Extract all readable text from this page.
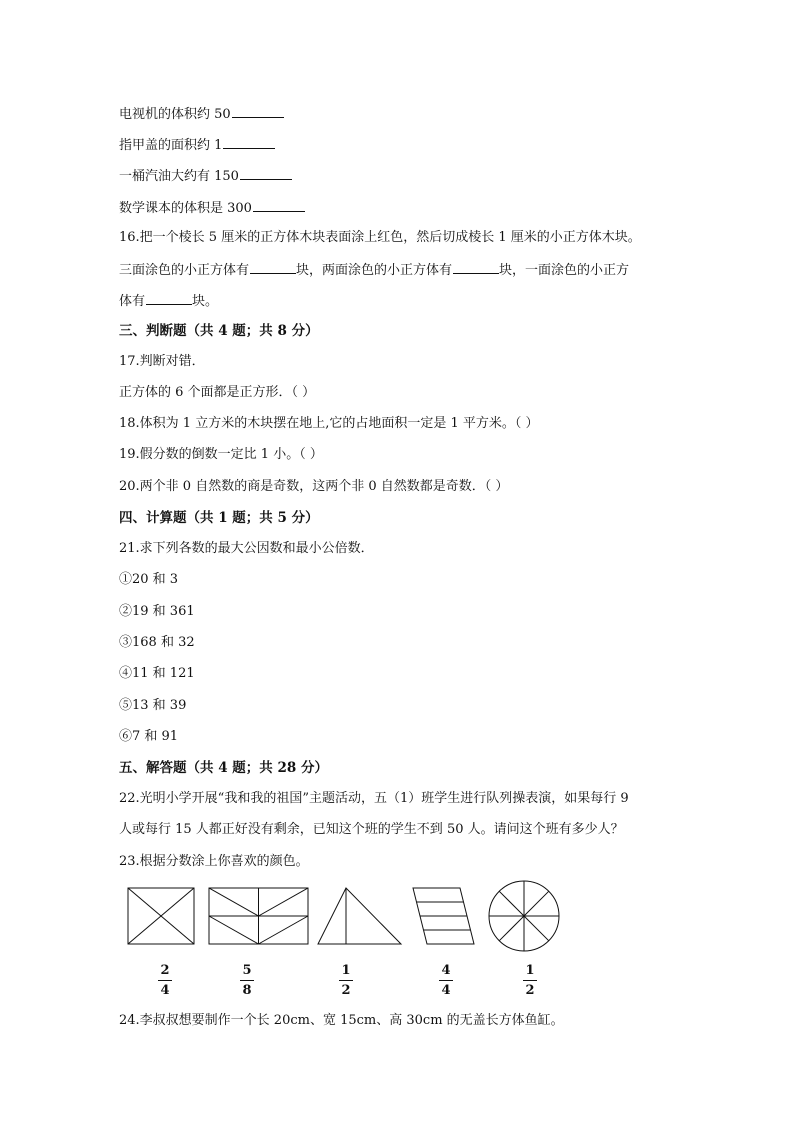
电视机的体积约 50
指甲盖的面积约 1
一桶汽油大约有 150
数学课本的体积是 300
16.把一个棱长 5 厘米的正方体木块表面涂上红色，然后切成棱长 1 厘米的小正方体木块。
三面涂色的小正方体有	块，两面涂色的小正方体有	块，一面涂色的小正方
体有	块。
三、判断题（共 4 题；共 8 分）
17.判断对错．
正方体的 6 个面都是正方形．（ ）
18.体积为 1 立方米的木块摆在地上,它的占地面积一定是 1 平方米。（ ）
19.假分数的倒数一定比 1 小。（ ）
20.两个非 0 自然数的商是奇数，这两个非 0 自然数都是奇数．（ ）
四、计算题（共 1 题；共 5 分）
21.求下列各数的最大公因数和最小公倍数．
①20 和 3
②19 和 361
③168 和 32
④11 和 121
⑤13 和 39
⑥7 和 91
五、解答题（共 4 题；共 28 分）
22.光明小学开展“我和我的祖国”主题活动，五（1）班学生进行队列操表演，如果每行 9
人或每行 15 人都正好没有剩余，已知这个班的学生不到 50 人。请问这个班有多少人？
23.根据分数涂上你喜欢的颜色。
2
4
5
8
1
2
4
4
1
2
24.李叔叔想要制作一个长 20cm、宽 15cm、高 30cm 的无盖长方体鱼缸。
